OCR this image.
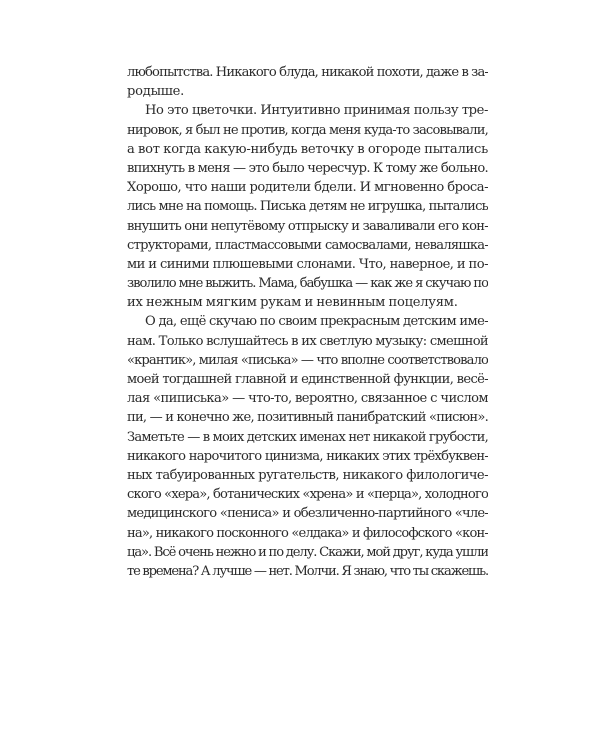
любопытства. Никакого блуда, никакой похоти, даже в за-
родыше.
Но это цветочки. Интуитивно принимая пользу тре-
нировок, я был не против, когда меня куда-то засовывали,
а вот когда какую-нибудь веточку в огороде пытались
впихнуть в меня — это было чересчур. К тому же больно.
Хорошо, что наши родители бдели. И мгновенно броса-
лись мне на помощь. Писька детям не игрушка, пытались
внушить они непутёвому отпрыску и заваливали его кон-
структорами, пластмассовыми самосвалами, неваляшка-
ми и синими плюшевыми слонами. Что, наверное, и по-
зволило мне выжить. Мама, бабушка — как же я скучаю по
их нежным мягким рукам и невинным поцелуям.
О да, ещё скучаю по своим прекрасным детским име-
нам. Только вслушайтесь в их светлую музыку: смешной
«крантик», милая «писька» — что вполне соответствовало
моей тогдашней главной и единственной функции, весё-
лая «пиписька» — что-то, вероятно, связанное с числом
пи, — и конечно же, позитивный панибратский «писюн».
Заметьте — в моих детских именах нет никакой грубости,
никакого нарочитого цинизма, никаких этих трёхбуквен-
ных табуированных ругательств, никакого филологиче-
ского «хера», ботанических «хрена» и «перца», холодного
медицинского «пениса» и обезличенно-партийного «чле-
на», никакого посконного «елдака» и философского «кон-
ца». Всё очень нежно и по делу. Скажи, мой друг, куда ушли
те времена? А лучше — нет. Молчи. Я знаю, что ты скажешь.
